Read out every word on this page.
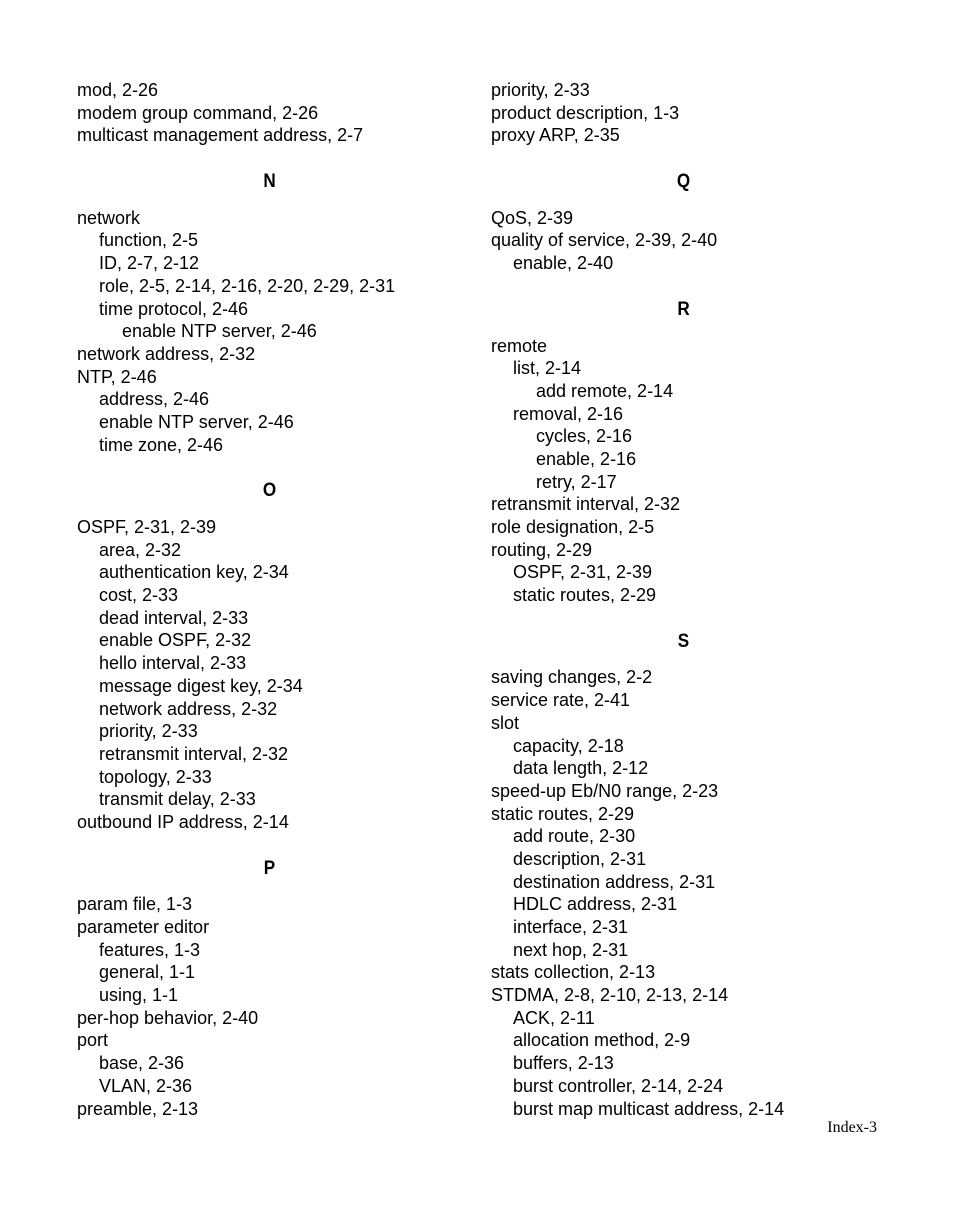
mod, 2-26
modem group command, 2-26
multicast management address, 2-7
N
network
function, 2-5
ID, 2-7, 2-12
role, 2-5, 2-14, 2-16, 2-20, 2-29, 2-31
time protocol, 2-46
enable NTP server, 2-46
network address, 2-32
NTP, 2-46
address, 2-46
enable NTP server, 2-46
time zone, 2-46
O
OSPF, 2-31, 2-39
area, 2-32
authentication key, 2-34
cost, 2-33
dead interval, 2-33
enable OSPF, 2-32
hello interval, 2-33
message digest key, 2-34
network address, 2-32
priority, 2-33
retransmit interval, 2-32
topology, 2-33
transmit delay, 2-33
outbound IP address, 2-14
P
param file, 1-3
parameter editor
features, 1-3
general, 1-1
using, 1-1
per-hop behavior, 2-40
port
base, 2-36
VLAN, 2-36
preamble, 2-13
priority, 2-33
product description, 1-3
proxy ARP, 2-35
Q
QoS, 2-39
quality of service, 2-39, 2-40
enable, 2-40
R
remote
list, 2-14
add remote, 2-14
removal, 2-16
cycles, 2-16
enable, 2-16
retry, 2-17
retransmit interval, 2-32
role designation, 2-5
routing, 2-29
OSPF, 2-31, 2-39
static routes, 2-29
S
saving changes, 2-2
service rate, 2-41
slot
capacity, 2-18
data length, 2-12
speed-up Eb/N0 range, 2-23
static routes, 2-29
add route, 2-30
description, 2-31
destination address, 2-31
HDLC address, 2-31
interface, 2-31
next hop, 2-31
stats collection, 2-13
STDMA, 2-8, 2-10, 2-13, 2-14
ACK, 2-11
allocation method, 2-9
buffers, 2-13
burst controller, 2-14, 2-24
burst map multicast address, 2-14
Index-3
